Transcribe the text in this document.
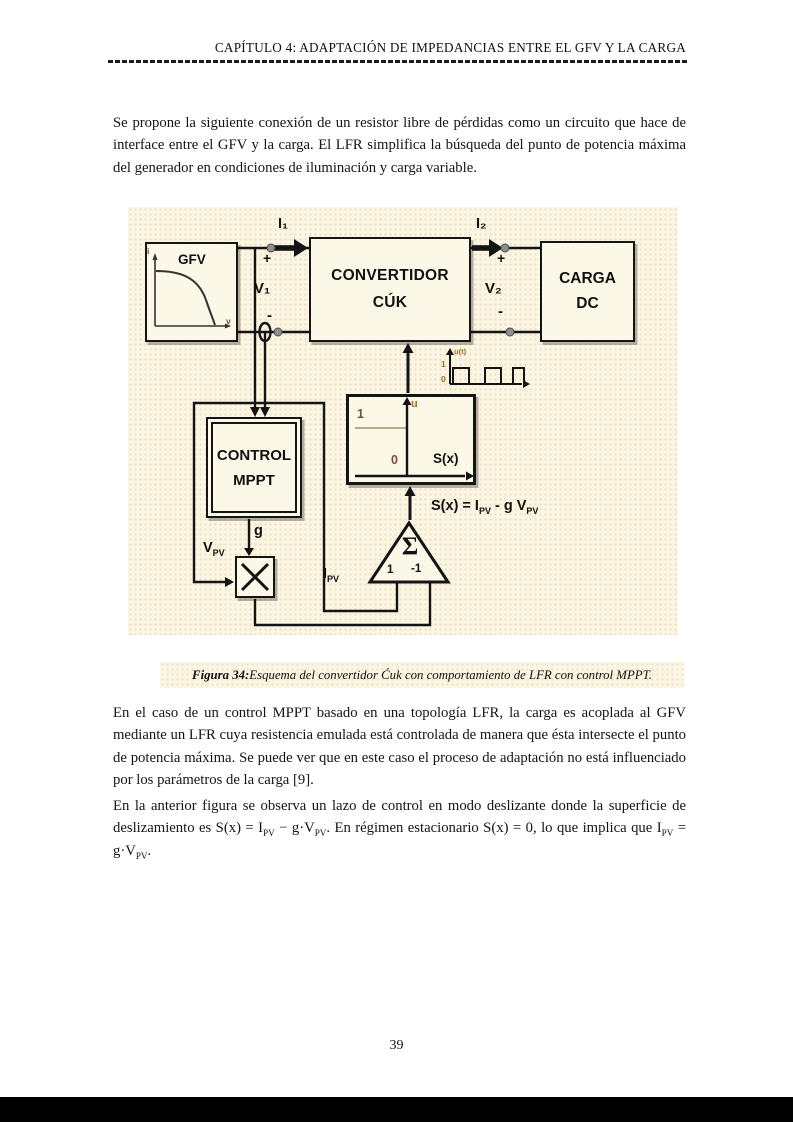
CAPÍTULO 4: ADAPTACIÓN DE IMPEDANCIAS ENTRE EL GFV Y LA CARGA

Se propone la siguiente conexión de un resistor libre de pérdidas como un circuito que hace de interface entre el GFV y la carga. El LFR simplifica la búsqueda del punto de potencia máxima del generador en condiciones de iluminación y carga variable.

CONVERTIDOR
CÚK
CARGA
DC
CONTROL
MPPT
I₁	I₂
+
V₁
-
+
V₂
-
GFV
i
v
g
$V_{PV}$
$I_{PV}$
$S(x) = I_{PV} - g$ $V_{PV}$
Σ
1 -1
1
0
u
S(x)
u(t)
1
0
Figura 34: Esquema del convertidor Ćuk con comportamiento de LFR con control MPPT.

En el caso de un control MPPT basado en una topología LFR, la carga es acoplada al GFV mediante un LFR cuya resistencia emulada está controlada de manera que ésta intersecte el punto de potencia máxima. Se puede ver que en este caso el proceso de adaptación no está influenciado por los parámetros de la carga [9].

En la anterior figura se observa un lazo de control en modo deslizante donde la superficie de deslizamiento es $S(x) = I_{PV} - g\cdot V_{PV}$. En régimen estacionario S(x) = 0, lo que implica que $I_{PV} = g\cdot V_{PV}$.

39
